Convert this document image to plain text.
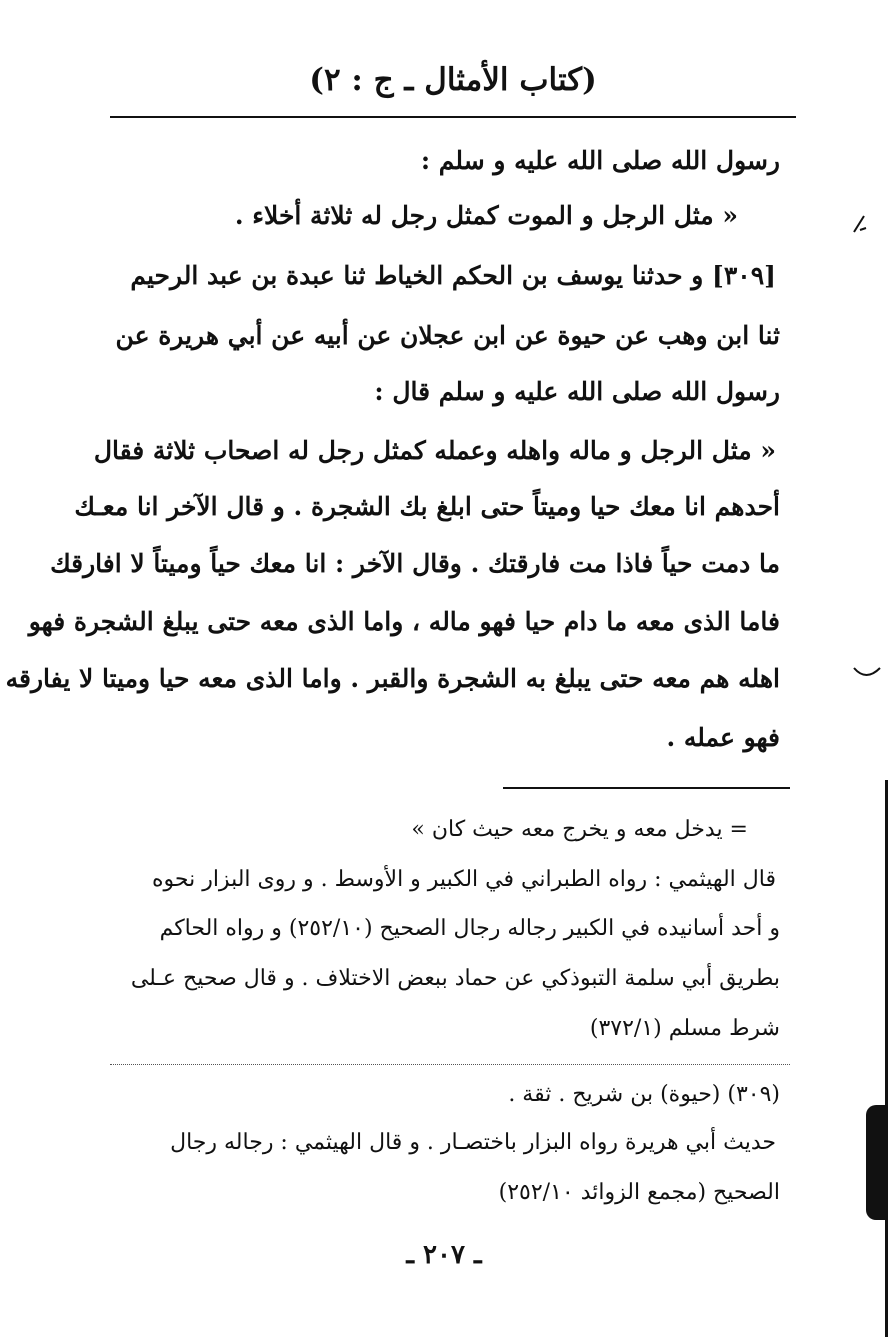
(كتاب الأمثال ـ ج : ٢)
رسول الله صلى الله عليه و سلم :
« مثل الرجل و الموت كمثل رجل له ثلاثة أخلاء .
[٣٠٩] و حدثنا يوسف بن الحكم الخياط ثنا عبدة بن عبد الرحيم
ثنا ابن وهب عن حيوة عن ابن عجلان عن أبيه عن أبي هريرة عن
رسول الله صلى الله عليه و سلم قال :
« مثل الرجل و ماله واهله وعمله كمثل رجل له اصحاب ثلاثة فقال
أحدهم انا معك حيا وميتاً حتى ابلغ بك الشجرة . و قال الآخر انا معـك
ما دمت حياً فاذا مت فارقتك . وقال الآخر : انا معك حياً وميتاً لا افارقك
فاما الذى معه ما دام حيا فهو ماله ، واما الذى معه حتى يبلغ الشجرة فهو
اهله هم معه حتى يبلغ به الشجرة والقبر . واما الذى معه حيا وميتا لا يفارقه
فهو عمله .
= يدخل معه و يخرج معه حيث كان »
قال الهيثمي : رواه الطبراني في الكبير و الأوسط . و روى البزار نحوه
و أحد أسانيده في الكبير رجاله رجال الصحيح (٢٥٢/١٠) و رواه الحاكم
بطريق أبي سلمة التبوذكي عن حماد ببعض الاختلاف . و قال صحيح عـلى
شرط مسلم (٣٧٢/١)
(٣٠٩) (حيوة) بن شريح . ثقة .
حديث أبي هريرة رواه البزار باختصـار . و قال الهيثمي : رجاله رجال
الصحيح (مجمع الزوائد ٢٥٢/١٠)
ـ ٢٠٧ ـ
